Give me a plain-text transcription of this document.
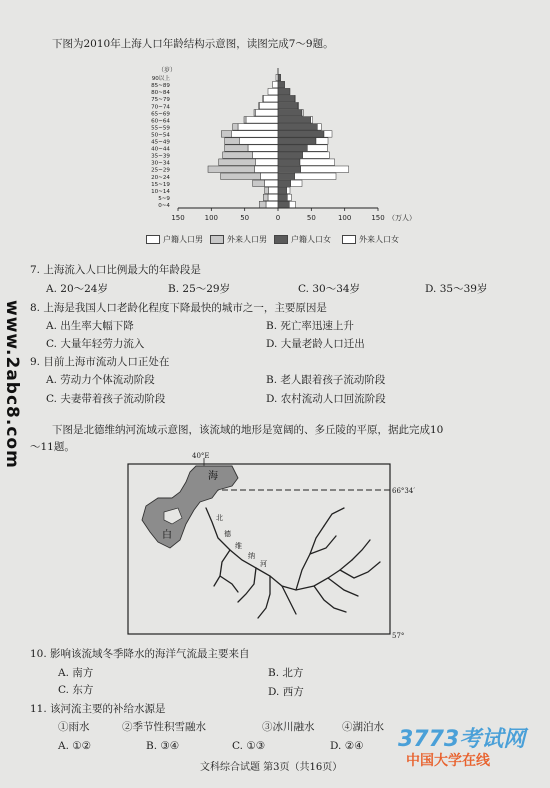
www.2abc8.com
下图为2010年上海人口年龄结构示意图，读图完成7～9题。
0~4
5~9
10~14
15~19
20~24
25~29
30~34
35~39
40~44
45~49
50~54
55~59
60~64
65~69
70~74
75~79
80~84
85~89
90以上
（岁）
150	100	50	0	50	100	150 （万人）
户籍人口男	外来人口男	户籍人口女	外来人口女
7. 上海流入人口比例最大的年龄段是
A. 20～24岁	B. 25～29岁	C. 30～34岁	D. 35～39岁
8. 上海是我国人口老龄化程度下降最快的城市之一，主要原因是
A. 出生率大幅下降	B. 死亡率迅速上升
C. 大量年轻劳力流入	D. 大量老龄人口迁出
9. 目前上海市流动人口正处在
A. 劳动力个体流动阶段	B. 老人跟着孩子流动阶段
C. 夫妻带着孩子流动阶段	D. 农村流动人口回流阶段
下图是北德维纳河流域示意图，该流域的地形是宽阔的、多丘陵的平原，据此完成10
～11题。
40°E
66°34′
57°
海
白
北
德
维
纳
河
10. 影响该流域冬季降水的海洋气流最主要来自
A. 南方	B. 北方
C. 东方	D. 西方
11. 该河流主要的补给水源是
①雨水	②季节性积雪融水	③冰川融水	④湖泊水
A. ①②	B. ③④	C. ①③	D. ②④
文科综合试题 第3页（共16页）
3773考试网
中国大学在线
